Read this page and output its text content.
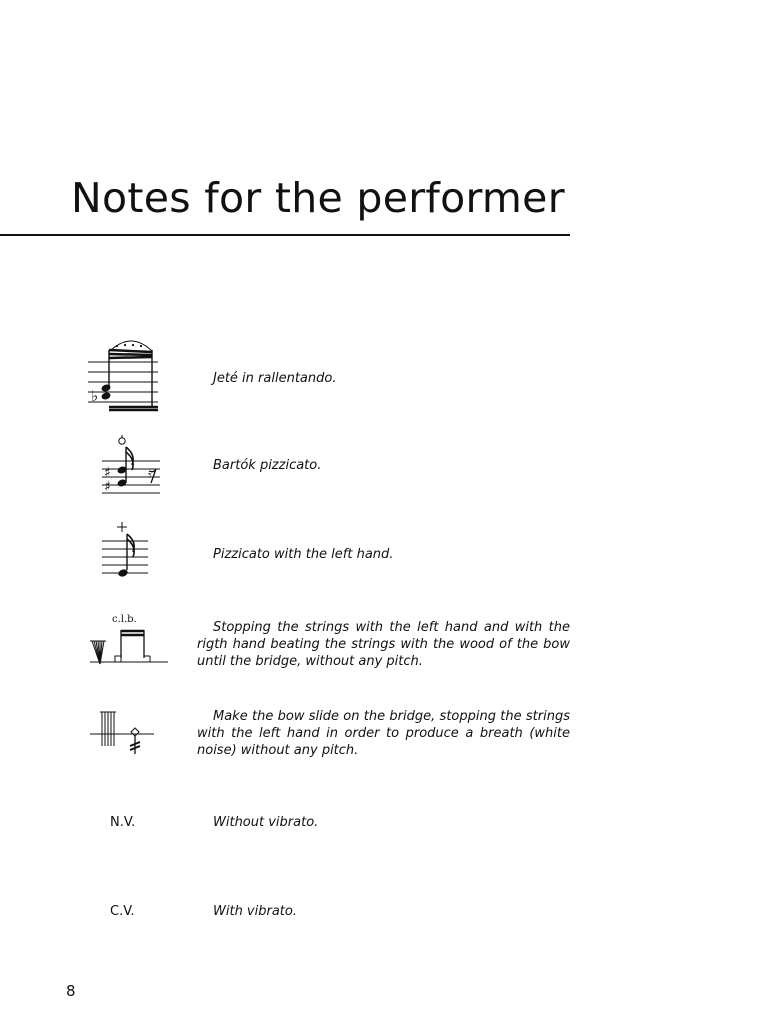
Notes for the performer
♭

Jeté in rallentando.

♯
♯
𝄾

Bartók pizzicato.

Pizzicato with the left hand.

c.l.b.

Stopping the strings with the left hand and with the rigth hand beating the strings with the wood of the bow until the bridge, without any pitch.

Make the bow slide on the bridge, stopping the strings with the left hand in order to produce a breath (white noise) without any pitch.

N.V.	Without vibrato.

C.V.	With vibrato.

8
